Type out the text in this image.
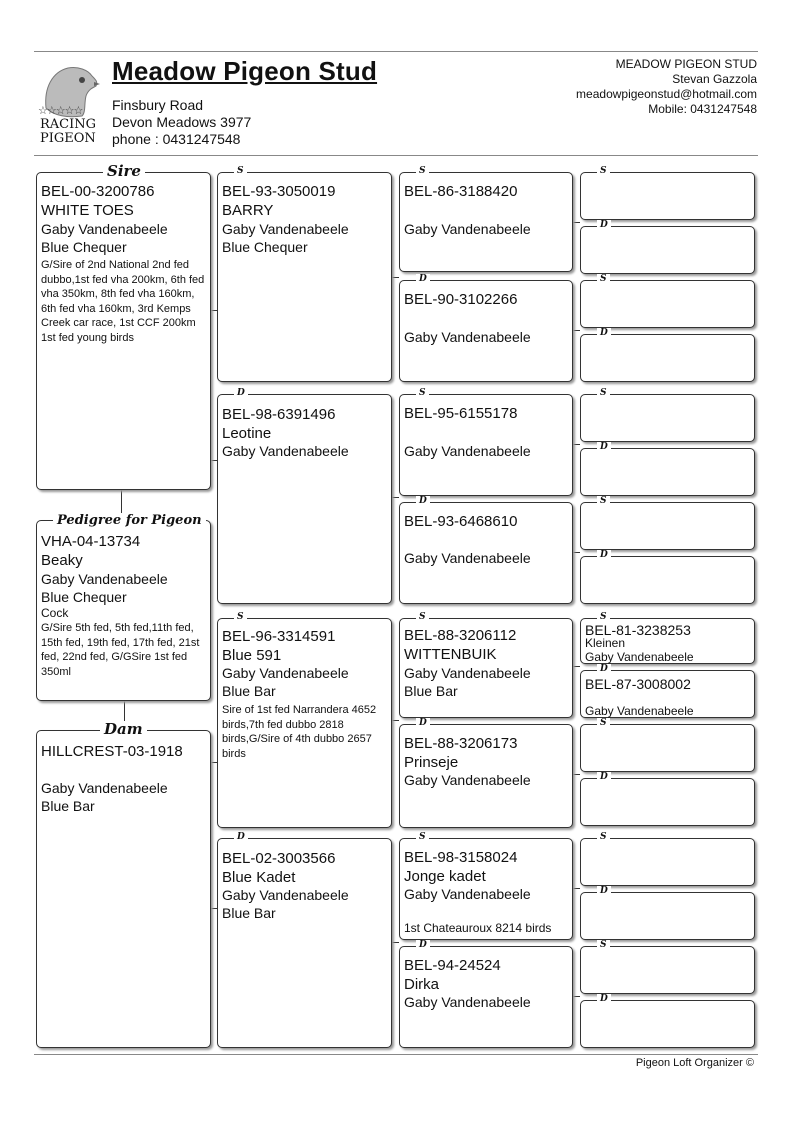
☆☆☆☆☆
RACING
PIGEON
Meadow Pigeon Stud
Finsbury Road
Devon Meadows 3977
phone : 0431247548
MEADOW PIGEON STUD
Stevan Gazzola
meadowpigeonstud@hotmail.com
Mobile: 0431247548
BEL-00-3200786
WHITE TOES
Gaby Vandenabeele
Blue Chequer
G/Sire of 2nd National 2nd fed dubbo,1st fed vha 200km, 6th fed vha 350km, 8th fed vha 160km, 6th fed vha 160km, 3rd Kemps Creek car race, 1st CCF 200km 1st fed young birds
Sire
VHA-04-13734
Beaky
Gaby Vandenabeele
Blue Chequer
Cock
G/Sire 5th fed, 5th fed,11th fed, 15th fed, 19th fed, 17th fed, 21st fed, 22nd fed, G/GSire 1st fed 350ml
Pedigree for Pigeon
HILLCREST-03-1918
Gaby Vandenabeele
Blue Bar
Dam
BEL-93-3050019
BARRY
Gaby Vandenabeele
Blue Chequer
S
BEL-98-6391496
Leotine
Gaby Vandenabeele
D
BEL-96-3314591
Blue 591
Gaby Vandenabeele
Blue Bar
Sire of 1st fed Narrandera 4652 birds,7th fed dubbo 2818 birds,G/Sire of 4th dubbo 2657 birds
S
BEL-02-3003566
Blue Kadet
Gaby Vandenabeele
Blue Bar
D
BEL-86-3188420
Gaby Vandenabeele
S
BEL-90-3102266
Gaby Vandenabeele
D
BEL-95-6155178
Gaby Vandenabeele
S
BEL-93-6468610
Gaby Vandenabeele
D
BEL-88-3206112
WITTENBUIK
Gaby Vandenabeele
Blue Bar
S
BEL-88-3206173
Prinseje
Gaby Vandenabeele
D
BEL-98-3158024
Jonge kadet
Gaby Vandenabeele
1st Chateauroux 8214 birds
S
BEL-94-24524
Dirka
Gaby Vandenabeele
D
S
D
S
D
S
D
S
D
BEL-81-3238253
Kleinen
Gaby Vandenabeele
S
BEL-87-3008002
Gaby Vandenabeele
D
S
D
S
D
S
D
Pigeon Loft Organizer ©
